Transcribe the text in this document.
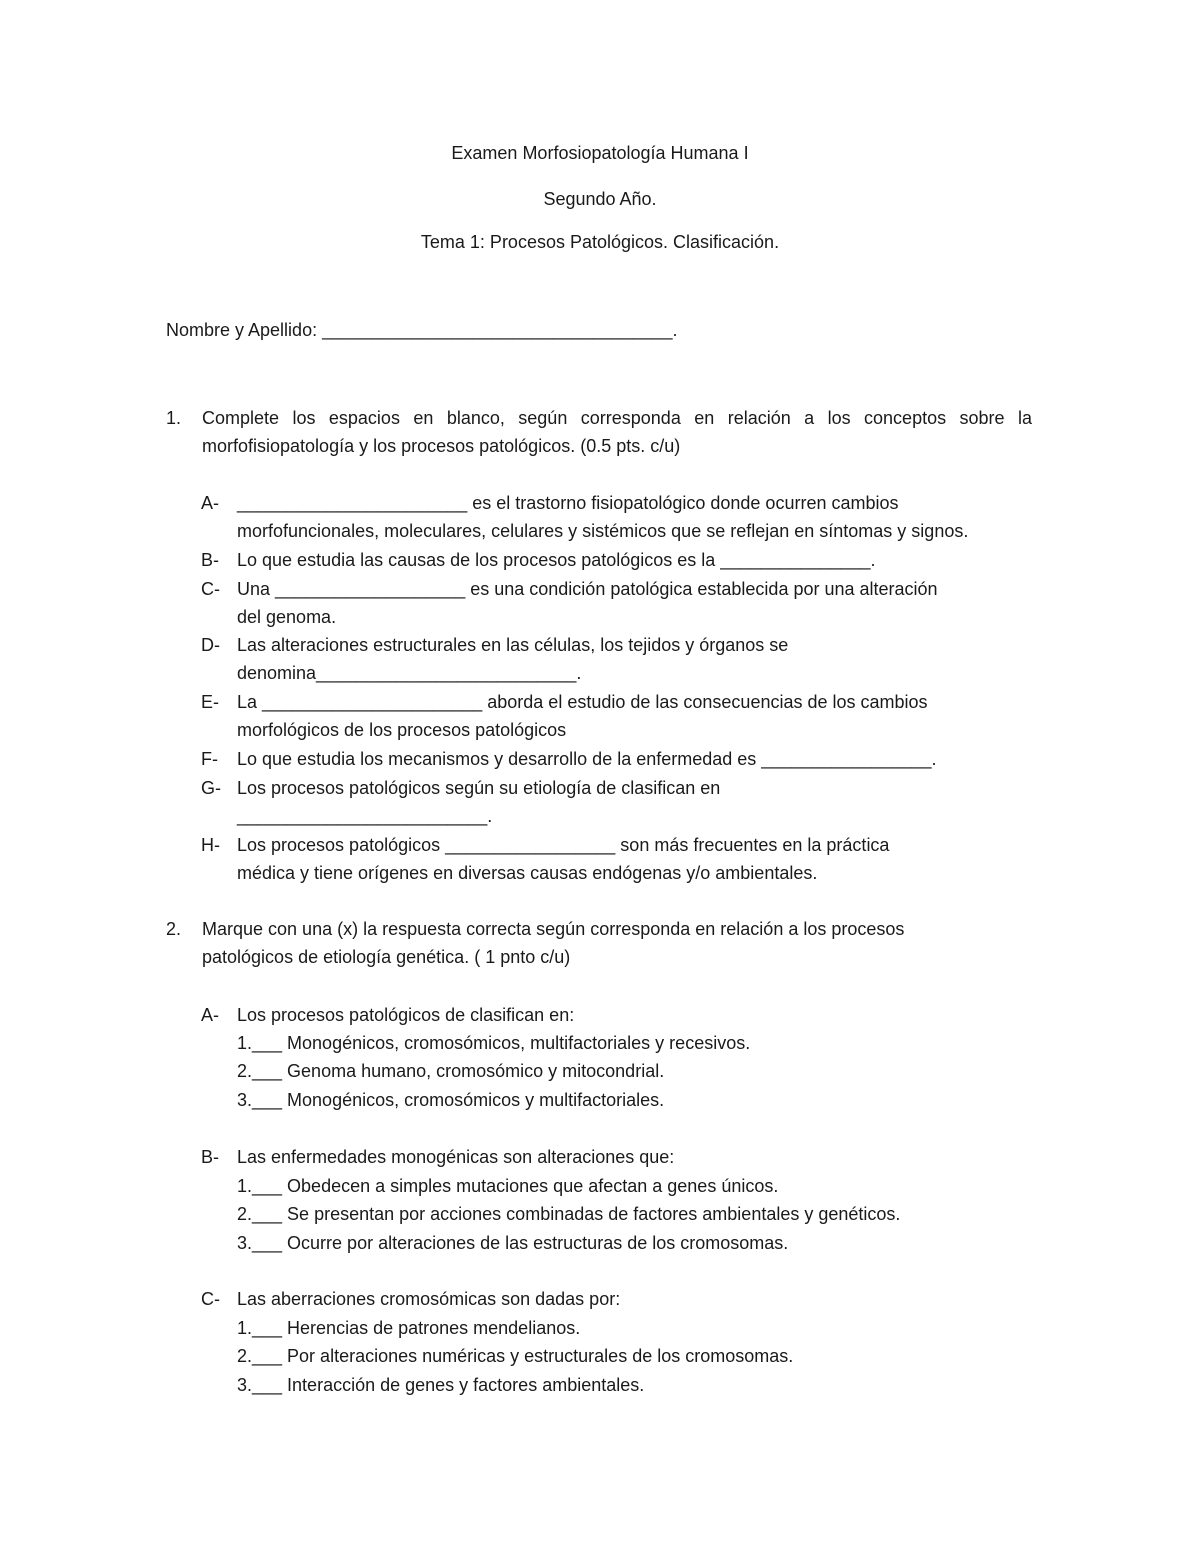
Examen Morfosiopatología Humana I
Segundo Año.
Tema 1: Procesos Patológicos. Clasificación.
Nombre y Apellido: ___________________________________.
1. Complete los espacios en blanco, según corresponda en relación a los conceptos sobre la
morfofisiopatología y los procesos patológicos. (0.5 pts. c/u)
A- _______________________ es el trastorno fisiopatológico donde ocurren cambios
morfofuncionales, moleculares, celulares y sistémicos que se reflejan en síntomas y signos.
B- Lo que estudia las causas de los procesos patológicos es la _______________.
C- Una ___________________ es una condición patológica establecida por una alteración
del genoma.
D- Las alteraciones estructurales en las células, los tejidos y órganos se
denomina__________________________.
E- La ______________________ aborda el estudio de las consecuencias de los cambios
morfológicos de los procesos patológicos
F- Lo que estudia los mecanismos y desarrollo de la enfermedad es _________________.
G- Los procesos patológicos según su etiología de clasifican en
_________________________.
H- Los procesos patológicos _________________ son más frecuentes en la práctica
médica y tiene orígenes en diversas causas endógenas y/o ambientales.
2. Marque con una (x) la respuesta correcta según corresponda en relación a los procesos
patológicos de etiología genética. ( 1 pnto c/u)
A- Los procesos patológicos de clasifican en:
1.___ Monogénicos, cromosómicos, multifactoriales y recesivos.
2.___ Genoma humano, cromosómico y mitocondrial.
3.___ Monogénicos, cromosómicos y multifactoriales.
B- Las enfermedades monogénicas son alteraciones que:
1.___ Obedecen a simples mutaciones que afectan a genes únicos.
2.___ Se presentan por acciones combinadas de factores ambientales y genéticos.
3.___ Ocurre por alteraciones de las estructuras de los cromosomas.
C- Las aberraciones cromosómicas son dadas por:
1.___ Herencias de patrones mendelianos.
2.___ Por alteraciones numéricas y estructurales de los cromosomas.
3.___ Interacción de genes y factores ambientales.
